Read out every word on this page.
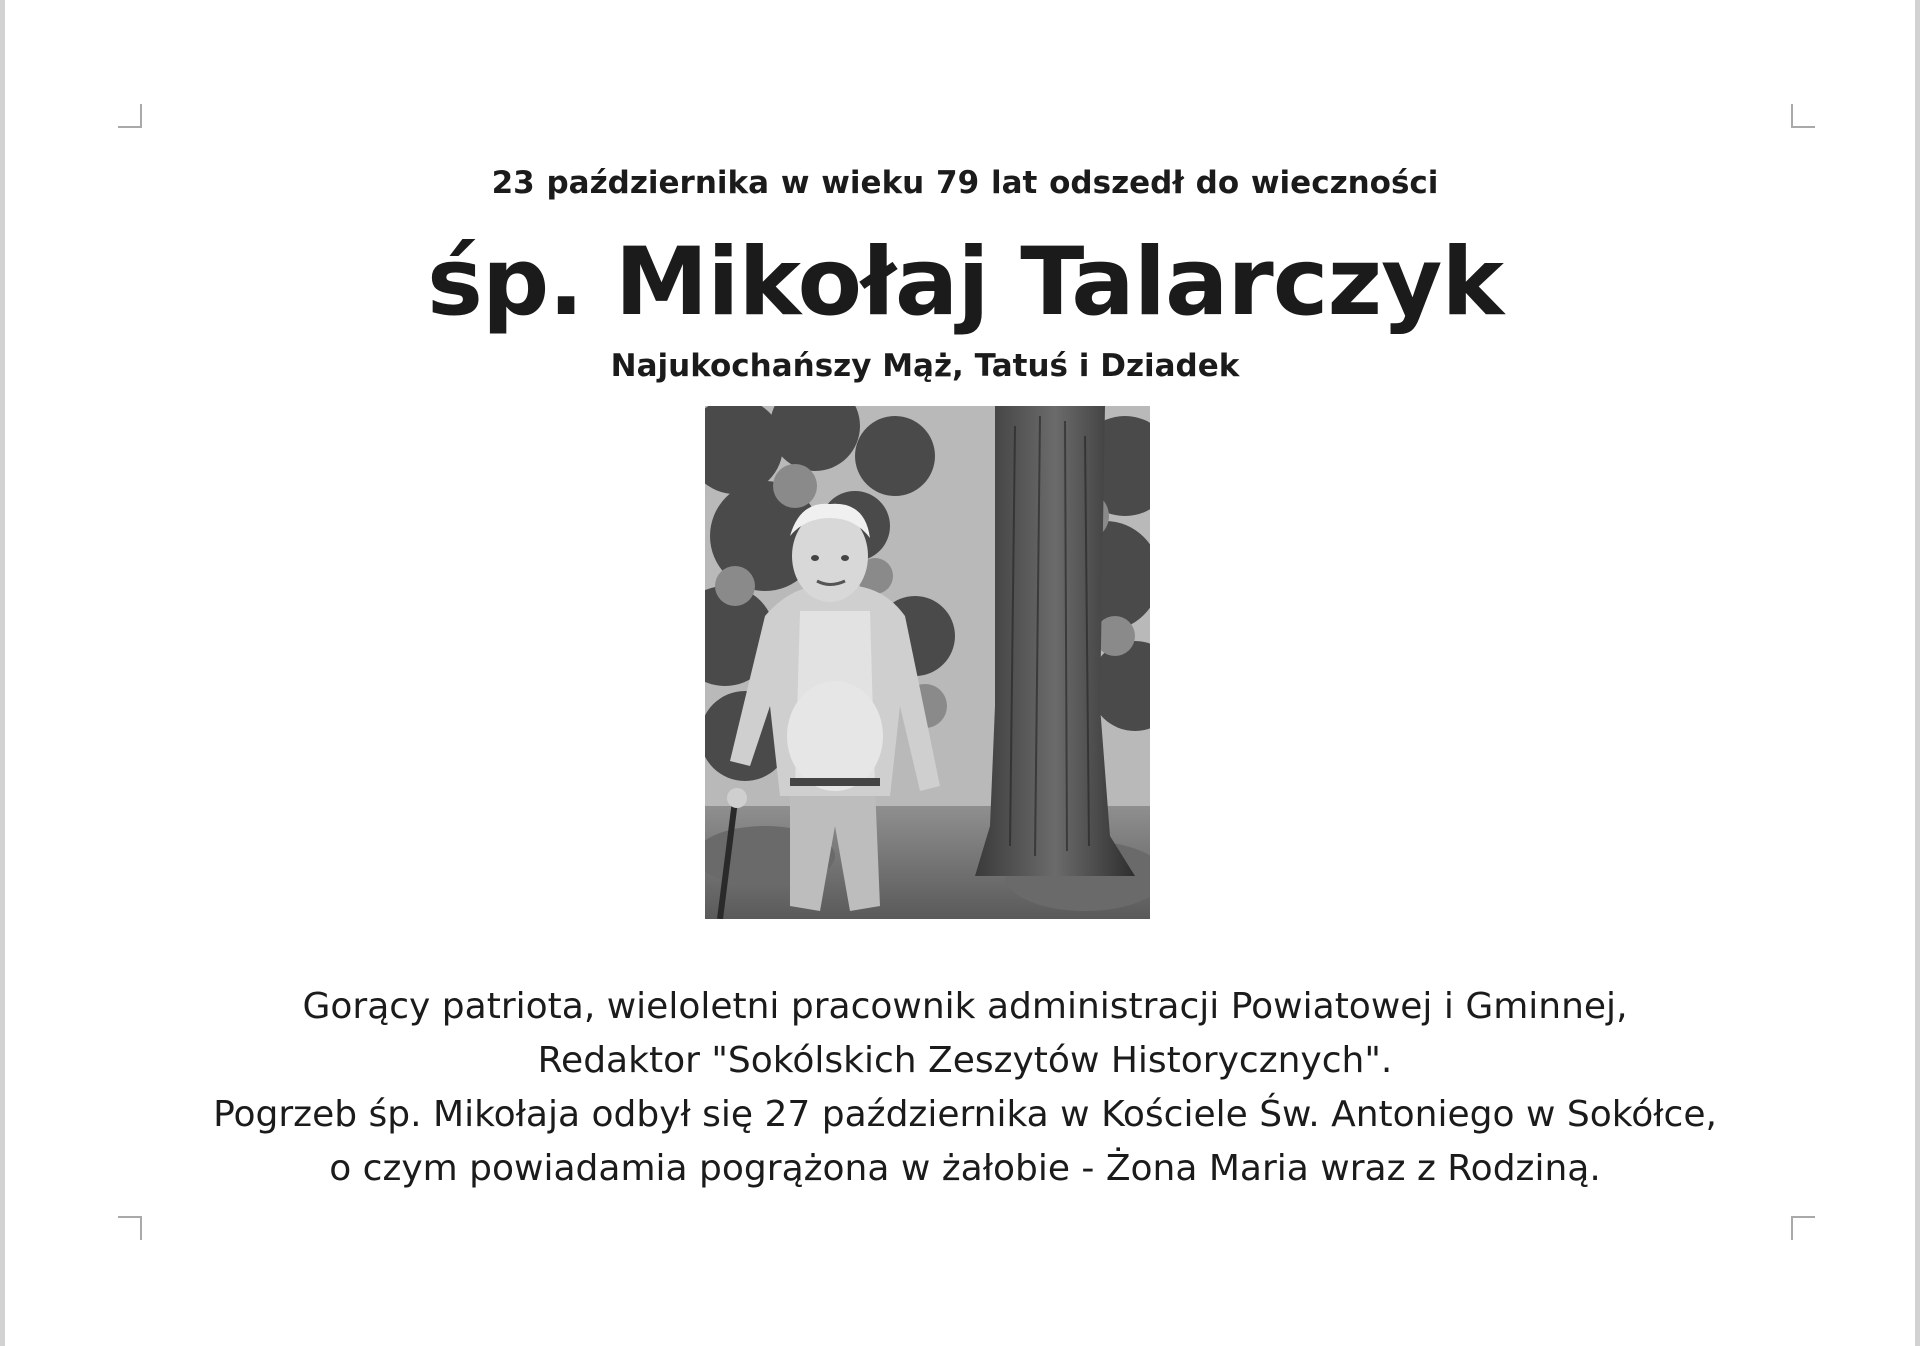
23 października w wieku 79 lat odszedł do wieczności
śp. Mikołaj Talarczyk
Najukochańszy Mąż, Tatuś i Dziadek
Gorący patriota, wieloletni pracownik administracji Powiatowej i Gminnej,
Redaktor "Sokólskich Zeszytów Historycznych".
Pogrzeb śp. Mikołaja odbył się 27 października w Kościele Św. Antoniego w Sokółce,
o czym powiadamia pogrążona w żałobie - Żona Maria wraz z Rodziną.
